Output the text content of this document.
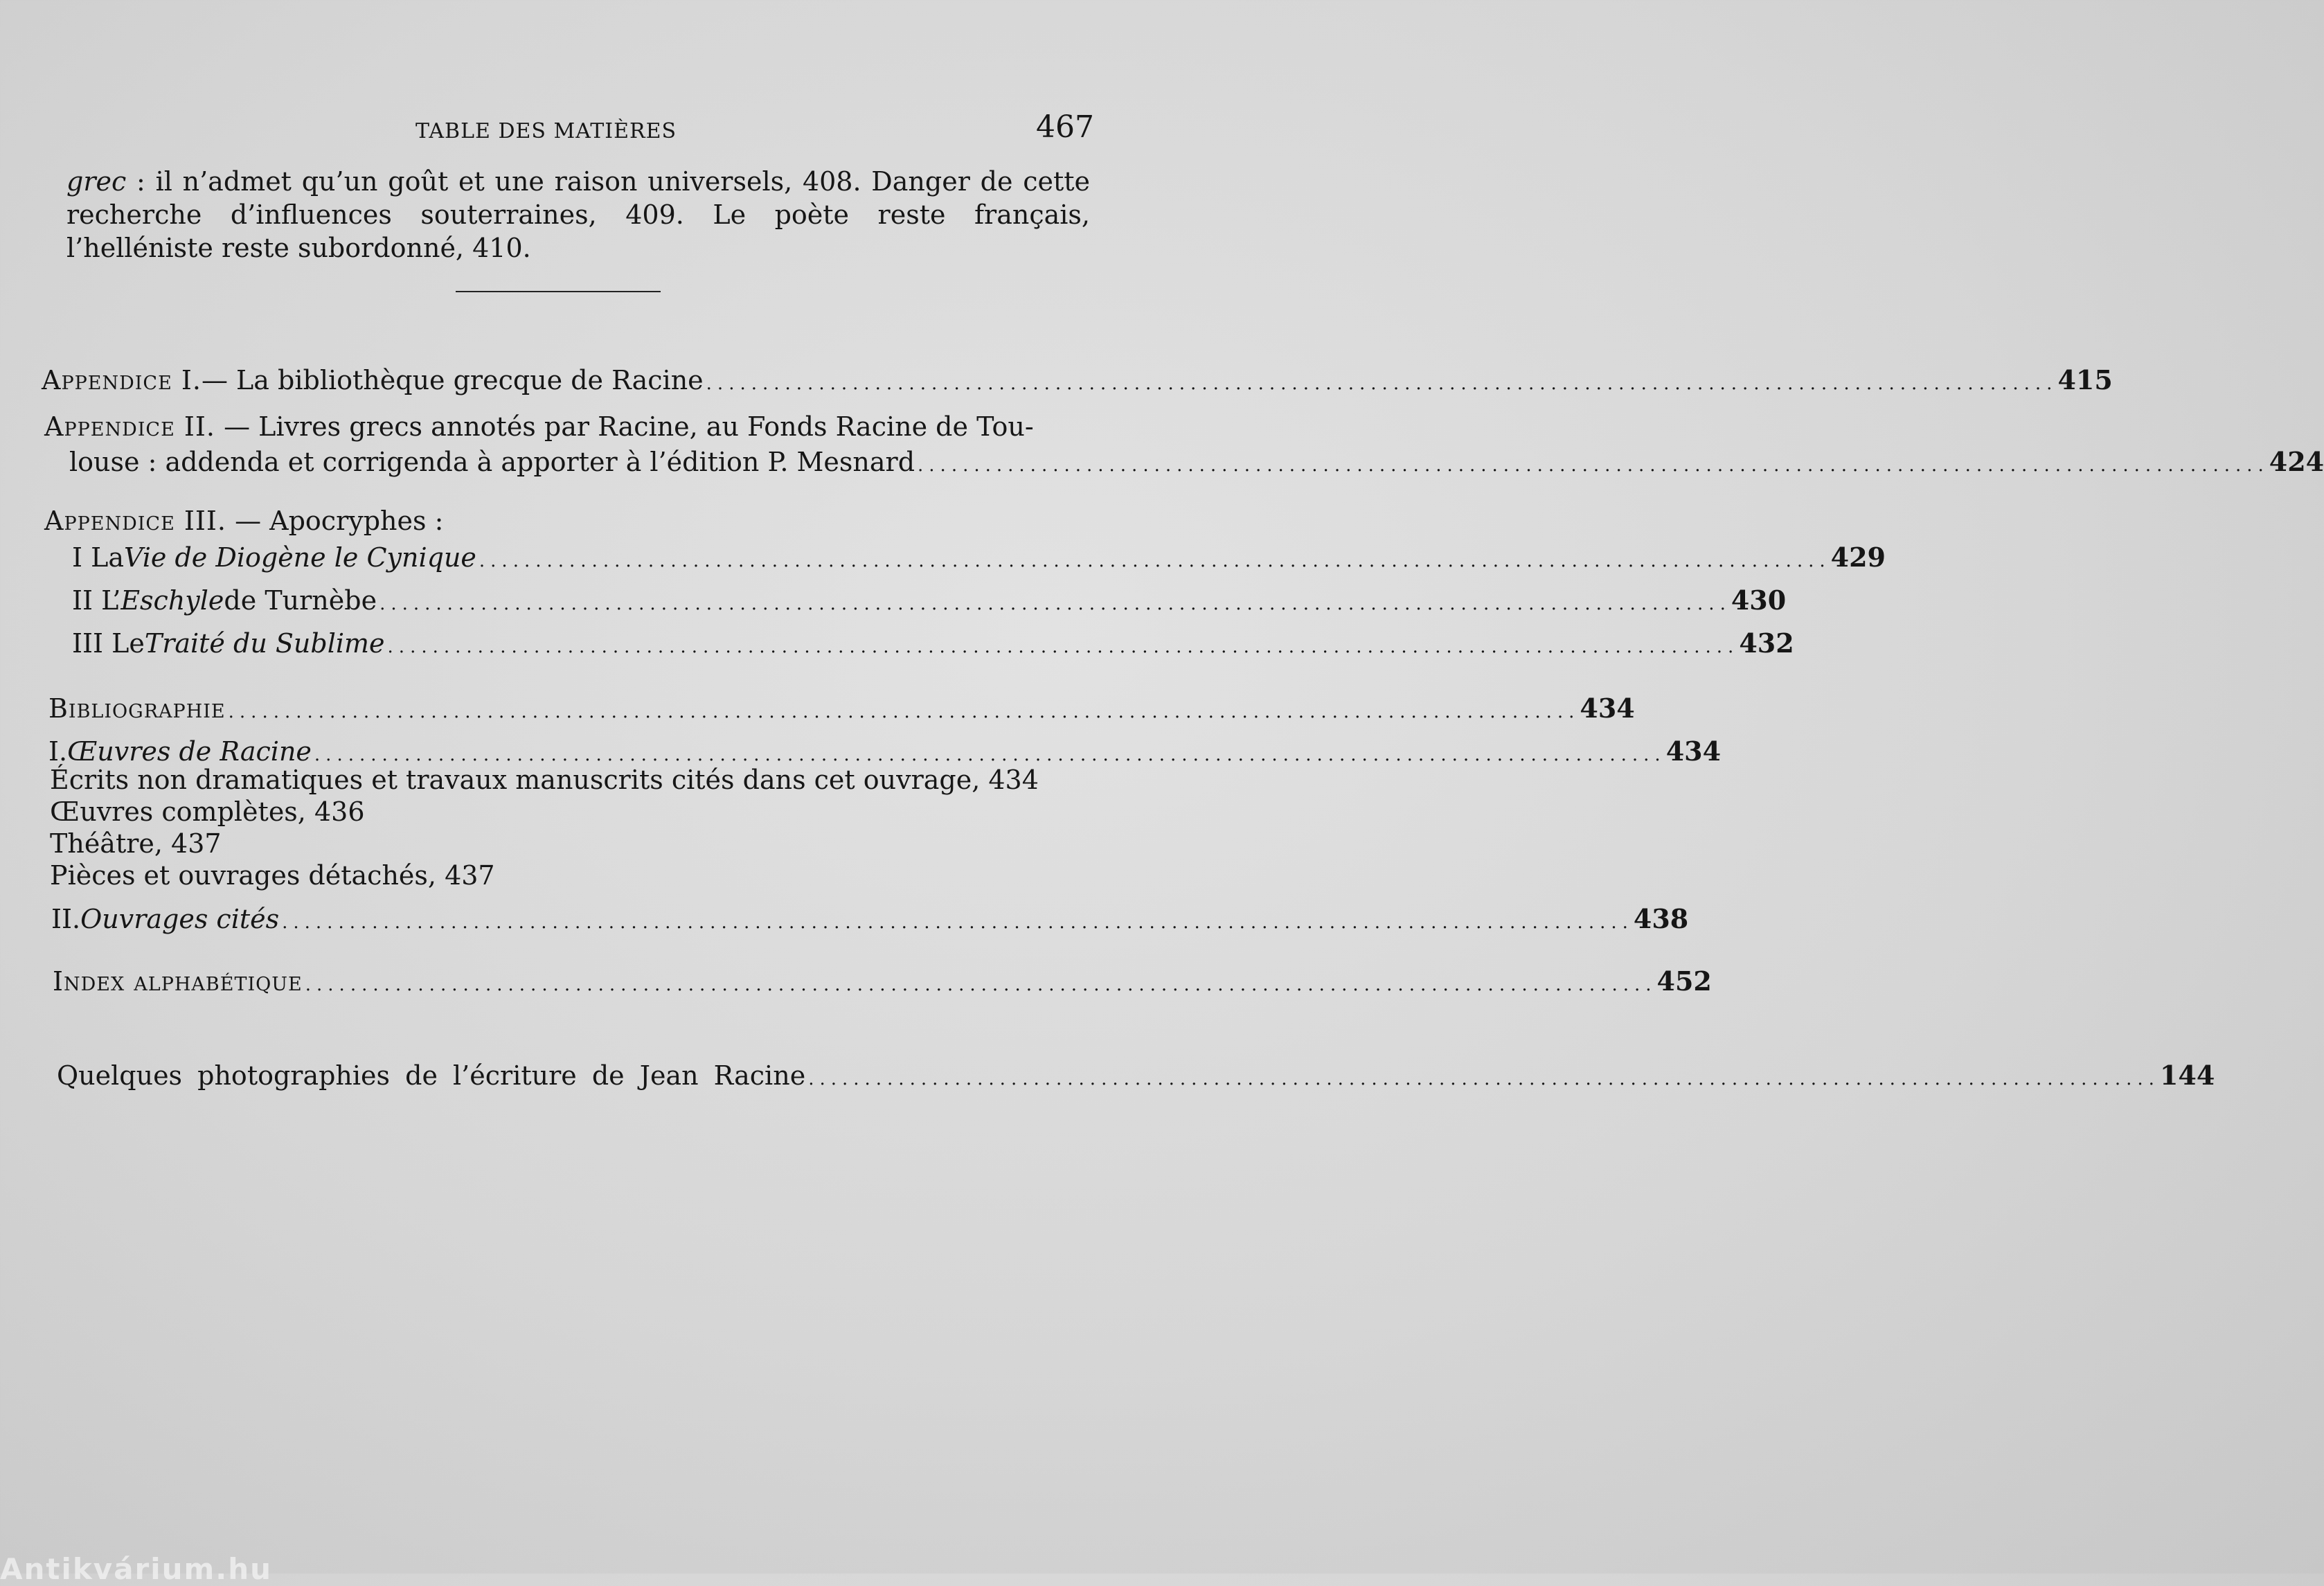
TABLE DES MATIÈRES	467
grec : il n’admet qu’un goût et une raison universels, 408. Danger de cette recherche d’influences souterraines, 409. Le poète reste français, l’helléniste reste subordonné, 410.
Appendice I. — La bibliothèque grecque de Racine ........................................................................................................................ 415
Appendice II. — Livres grecs annotés par Racine, au Fonds Racine de Tou-
louse : addenda et corrigenda à apporter à l’édition P. Mesnard ........................................................................................................................ 424
Appendice III. — Apocryphes :
I La Vie de Diogène le Cynique ........................................................................................................................ 429
II L’ Eschyle de Turnèbe ........................................................................................................................ 430
III Le Traité du Sublime ........................................................................................................................ 432
Bibliographie ........................................................................................................................ 434
I. Œuvres de Racine ........................................................................................................................ 434
Écrits non dramatiques et travaux manuscrits cités dans cet ouvrage, 434
Œuvres complètes, 436
Théâtre, 437
Pièces et ouvrages détachés, 437
II. Ouvrages cités ........................................................................................................................ 438
Index alphabétique ........................................................................................................................ 452
Quelques photographies de l’écriture de Jean Racine ........................................................................................................................ 144
Antikvárium.hu
